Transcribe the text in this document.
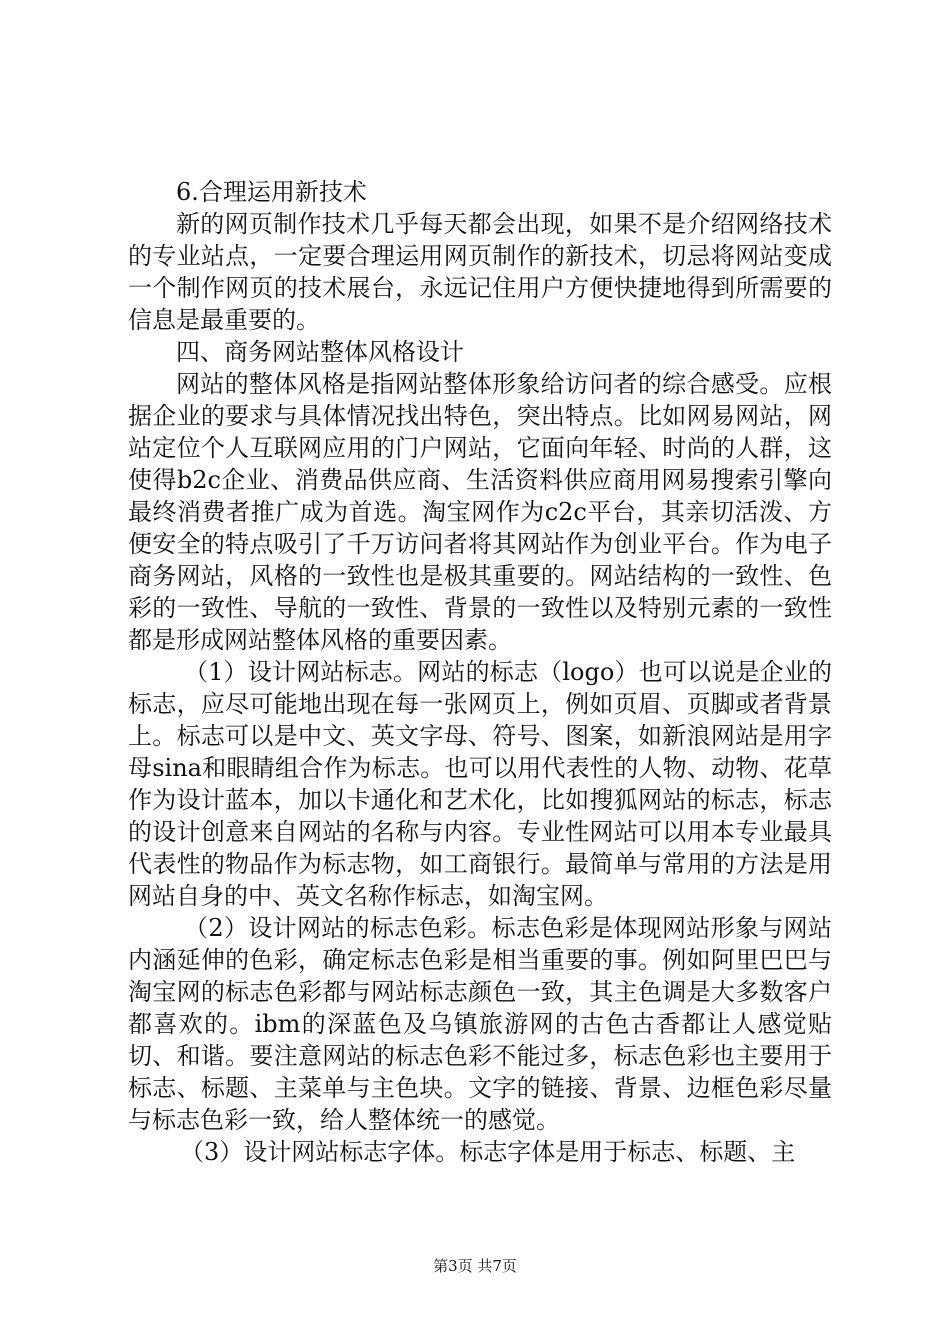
6.合理运用新技术

新的网页制作技术几乎每天都会出现，如果不是介绍网络技术的专业站点，一定要合理运用网页制作的新技术，切忌将网站变成一个制作网页的技术展台，永远记住用户方便快捷地得到所需要的信息是最重要的。

四、商务网站整体风格设计

网站的整体风格是指网站整体形象给访问者的综合感受。应根据企业的要求与具体情况找出特色，突出特点。比如网易网站，网站定位个人互联网应用的门户网站，它面向年轻、时尚的人群，这使得b2c企业、消费品供应商、生活资料供应商用网易搜索引擎向最终消费者推广成为首选。淘宝网作为c2c平台，其亲切活泼、方便安全的特点吸引了千万访问者将其网站作为创业平台。作为电子商务网站，风格的一致性也是极其重要的。网站结构的一致性、色彩的一致性、导航的一致性、背景的一致性以及特别元素的一致性都是形成网站整体风格的重要因素。

（1）设计网站标志。网站的标志（logo）也可以说是企业的标志，应尽可能地出现在每一张网页上，例如页眉、页脚或者背景上。标志可以是中文、英文字母、符号、图案，如新浪网站是用字母sina和眼睛组合作为标志。也可以用代表性的人物、动物、花草作为设计蓝本，加以卡通化和艺术化，比如搜狐网站的标志，标志的设计创意来自网站的名称与内容。专业性网站可以用本专业最具代表性的物品作为标志物，如工商银行。最简单与常用的方法是用网站自身的中、英文名称作标志，如淘宝网。

（2）设计网站的标志色彩。标志色彩是体现网站形象与网站内涵延伸的色彩，确定标志色彩是相当重要的事。例如阿里巴巴与淘宝网的标志色彩都与网站标志颜色一致，其主色调是大多数客户都喜欢的。ibm的深蓝色及乌镇旅游网的古色古香都让人感觉贴切、和谐。要注意网站的标志色彩不能过多，标志色彩也主要用于标志、标题、主菜单与主色块。文字的链接、背景、边框色彩尽量与标志色彩一致，给人整体统一的感觉。

（3）设计网站标志字体。标志字体是用于标志、标题、主

第3页 共7页
